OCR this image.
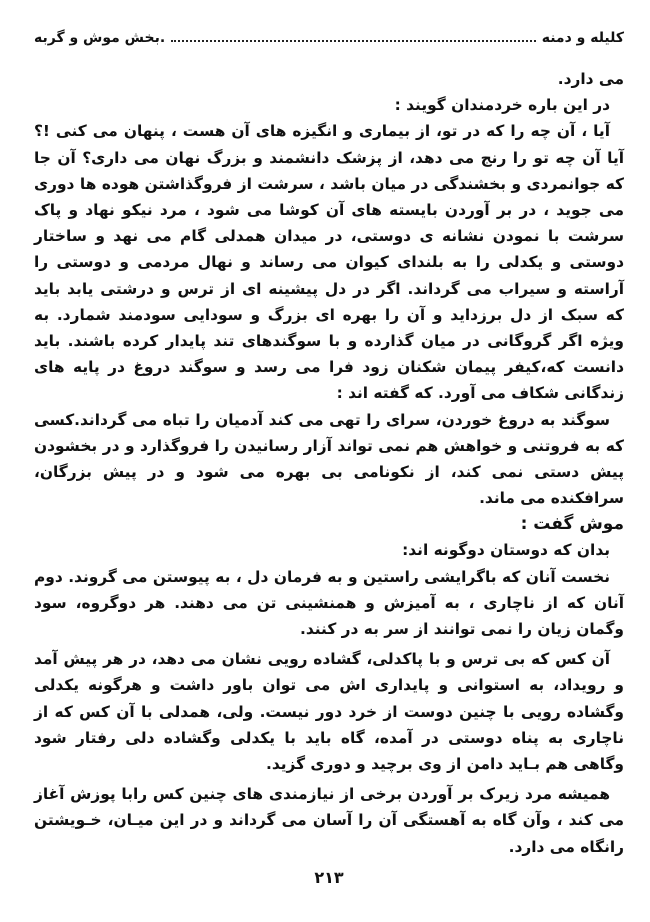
کلیله و دمنه
.بخش موش و گربه

می دارد.

در این باره خردمندان گویند :

آیا ، آن چه را که در تو، از بیماری و انگیزه های آن هست ، پنهان می کنی !؟ آیا آن چه تو را رنج می دهد، از پزشک دانشمند و بزرگ نهان می داری؟ آن جا که جوانمردی و بخشندگی در میان باشد ، سرشت از فروگذاشتن هوده ها دوری می جوید ، در بر آوردن بایسته های آن کوشا می شود ، مرد نیکو نهاد و پاک سرشت با نمودن نشانه ی دوستی، در میدان همدلی گام می نهد و ساختار دوستی و یکدلی را به بلندای کیوان می رساند و نهال مردمی و دوستی را آراسته و سیراب می گرداند. اگر در دل پیشینه ای از ترس و درشتی یابد باید که سبک از دل برزداید و آن را بهره ای بزرگ و سودایی سودمند شمارد. به ویژه اگر گروگانی در میان گذارده و با سوگندهای تند پایدار کرده باشند. باید دانست که،کیفر پیمان شکنان زود فرا می رسد و سوگند دروغ در پایه های زندگانی شکاف می آورد. که گفته اند :

سوگند به دروغ خوردن، سرای را تهی می کند آدمیان را تباه می گرداند.کسی که به فروتنی و خواهش هم نمی تواند آزار رسانیدن را فروگذارد و در بخشودن پیش دستی نمی کند، از نکونامی بی بهره می شود و در پیش بزرگان، سرافکنده می ماند.

موش گفت :

بدان که دوستان دوگونه اند:

نخست آنان که باگرایشی راستین و به فرمان دل ، به پیوستن می گروند. دوم آنان که از ناچاری ، به آمیزش و همنشینی تن می دهند. هر دوگروه، سود وگمان زیان را نمی توانند از سر به در کنند.

آن کس که بی ترس و با پاکدلی، گشاده رویی نشان می دهد، در هر پیش آمد و رویداد، به استوانی و پایداری اش می توان باور داشت و هرگونه یکدلی وگشاده رویی با چنین دوست از خرد دور نیست. ولی، همدلی با آن کس که از ناچاری به پناه دوستی در آمده، گاه باید با یکدلی وگشاده دلی رفتار شود وگاهی هم بـاید دامن از وی برچید و دوری گزید.

همیشه مرد زیرک بر آوردن برخی از نیازمندی های چنین کس رابا پوزش آغاز می کند ، وآن گاه به آهستگی آن را آسان می گرداند و در این میـان، خـویشتن رانگاه می دارد.

۲۱۳
